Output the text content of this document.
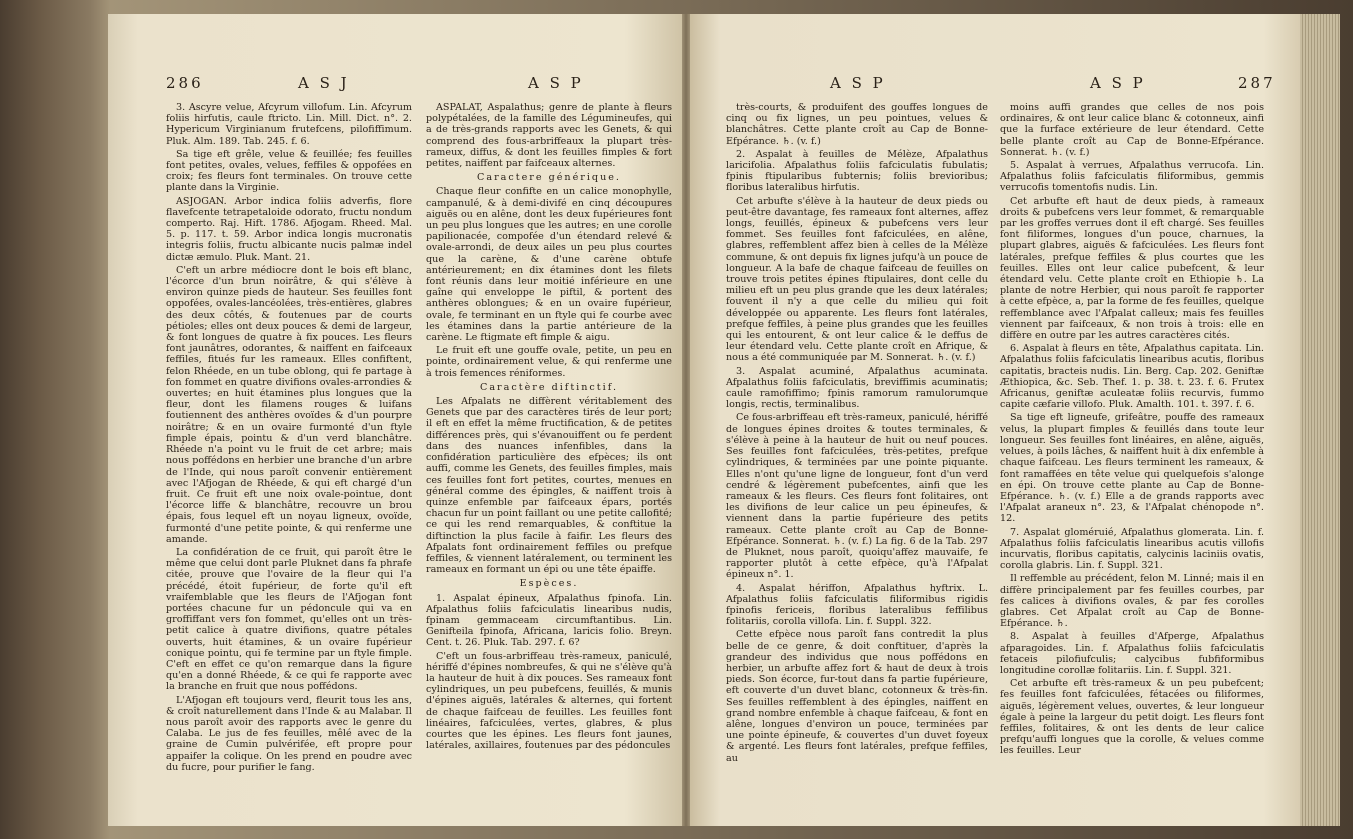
286	A S J	A S P

3. Ascyre velue, Afcyrum villofum. Lin. Afcyrum foliis hirfutis, caule ftricto. Lin. Mill. Dict. n°. 2. Hypericum Virginianum frutefcens, pilofiffimum. Pluk. Alm. 189. Tab. 245. f. 6.

Sa tige eft grêle, velue & feuillée; fes feuilles font petites, ovales, velues, feffiles & oppofées en croix; fes fleurs font terminales. On trouve cette plante dans la Virginie.

ASJOGAN. Arbor indica foliis adverfis, flore flavefcente tetrapetaloide odorato, fructu nondum comperto. Raj. Hift. 1786. Afjogam. Rheed. Mal. 5. p. 117. t. 59. Arbor indica longis mucronatis integris foliis, fructu albicante nucis palmæ indel dictæ æmulo. Pluk. Mant. 21.

C'eft un arbre médiocre dont le bois eft blanc, l'écorce d'un brun noirâtre, & qui s'élève à environ quinze pieds de hauteur. Ses feuilles font oppofées, ovales-lancéolées, très-entières, glabres des deux côtés, & foutenues par de courts pétioles; elles ont deux pouces & demi de largeur, & font longues de quatre à fix pouces. Les fleurs font jaunâtres, odorantes, & naiffent en faifceaux feffiles, fitués fur les rameaux. Elles confiftent, felon Rhéede, en un tube oblong, qui fe partage à fon fommet en quatre divifions ovales-arrondies & ouvertes; en huit étamines plus longues que la fleur, dont les filamens rouges & luifans foutiennent des anthères ovoïdes & d'un pourpre noirâtre; & en un ovaire furmonté d'un ftyle fimple épais, pointu & d'un verd blanchâtre. Rhéede n'a point vu le fruit de cet arbre; mais nous poffédons en herbier une branche d'un arbre de l'Inde, qui nous paroît convenir entièrement avec l'Afjogan de Rhéede, & qui eft chargé d'un fruit. Ce fruit eft une noix ovale-pointue, dont l'écorce liffe & blanchâtre, recouvre un brou épais, fous lequel eft un noyau ligneux, ovoïde, furmonté d'une petite pointe, & qui renferme une amande.

La confidération de ce fruit, qui paroît être le même que celui dont parle Pluknet dans fa phrafe citée, prouve que l'ovaire de la fleur qui l'a précédé, étoit fupérieur, de forte qu'il eft vraifemblable que les fleurs de l'Afjogan font portées chacune fur un pédoncule qui va en groffiffant vers fon fommet, qu'elles ont un très-petit calice à quatre divifions, quatre pétales ouverts, huit étamines, & un ovaire fupérieur conique pointu, qui fe termine par un ftyle fimple. C'eft en effet ce qu'on remarque dans la figure qu'en a donné Rhéede, & ce qui fe rapporte avec la branche en fruit que nous poffédons.

L'Afjogan eft toujours verd, fleurit tous les ans, & croît naturellement dans l'Inde & au Malabar. Il nous paroît avoir des rapports avec le genre du Calaba. Le jus de fes feuilles, mêlé avec de la graine de Cumin pulvérifée, eft propre pour appaifer la colique. On les prend en poudre avec du fucre, pour purifier le fang.

ASPALAT, Aspalathus; genre de plante à fleurs polypétalées, de la famille des Légumineufes, qui a de très-grands rapports avec les Genets, & qui comprend des fous-arbriffeaux la plupart très-rameux, diffus, & dont les feuilles fimples & fort petites, naiffent par faifceaux alternes.

Caractere générique.

Chaque fleur confifte en un calice monophylle, campanulé, & à demi-divifé en cinq découpures aiguës ou en alêne, dont les deux fupérieures font un peu plus longues que les autres; en une corolle papilionacée, compofée d'un étendard relevé & ovale-arrondi, de deux ailes un peu plus courtes que la carène, & d'une carène obtufe antérieurement; en dix étamines dont les filets font réunis dans leur moitié inférieure en une gaîne qui enveloppe le piftil, & portent des anthères oblongues; & en un ovaire fupérieur, ovale, fe terminant en un ftyle qui fe courbe avec les étamines dans la partie antérieure de la carène. Le ftigmate eft fimple & aigu.

Le fruit eft une gouffe ovale, petite, un peu en pointe, ordinairement velue, & qui renferme une à trois femences réniformes.

Caractère diftinctif.

Les Afpalats ne diffèrent véritablement des Genets que par des caractères tirés de leur port; il eft en effet la même fructification, & de petites différences près, qui s'évanouiffent ou fe perdent dans des nuances infenfibles, dans la confidération particulière des efpèces; ils ont auffi, comme les Genets, des feuilles fimples, mais ces feuilles font fort petites, courtes, menues en général comme des épingles, & naiffent trois à quinze enfemble par faifceaux épars, portés chacun fur un point faillant ou une petite callofité; ce qui les rend remarquables, & conftitue la diftinction la plus facile à faifir. Les fleurs des Afpalats font ordinairement feffiles ou prefque feffiles, & viennent latéralement, ou terminent les rameaux en formant un épi ou une tête épaiffe.

Espèces.

1. Aspalat épineux, Afpalathus fpinofa. Lin. Afpalathus foliis fafciculatis linearibus nudis, fpinam gemmaceam circumftantibus. Lin. Genifteila fpinofa, Africana, laricis folio. Breyn. Cent. t. 26. Pluk. Tab. 297. f. 6?

C'eft un fous-arbriffeau très-rameux, paniculé, hériffé d'épines nombreufes, & qui ne s'élève qu'à la hauteur de huit à dix pouces. Ses rameaux font cylindriques, un peu pubefcens, feuillés, & munis d'épines aiguës, latérales & alternes, qui fortent de chaque faifceau de feuilles. Les feuilles font linéaires, fafciculées, vertes, glabres, & plus courtes que les épines. Les fleurs font jaunes, latérales, axillaires, foutenues par des pédoncules

A S P	A S P	287

très-courts, & produifent des gouffes longues de cinq ou fix lignes, un peu pointues, velues & blanchâtres. Cette plante croît au Cap de Bonne-Efpérance. ♄. (v. f.)

2. Aspalat à feuilles de Mélèze, Afpalathus laricifolia. Afpalathus foliis fafciculatis fubulatis; fpinis ftipularibus fubternis; foliis brevioribus; floribus lateralibus hirfutis.

Cet arbufte s'élève à la hauteur de deux pieds ou peut-être davantage, fes rameaux font alternes, affez longs, feuillés, épineux & pubefcens vers leur fommet. Ses feuilles font fafciculées, en alêne, glabres, reffemblent affez bien à celles de la Mélèze commune, & ont depuis fix lignes jufqu'à un pouce de longueur. A la bafe de chaque faifceau de feuilles on trouve trois petites épines ftipulaires, dont celle du milieu eft un peu plus grande que les deux latérales; fouvent il n'y a que celle du milieu qui foit développée ou apparente. Les fleurs font latérales, prefque feffiles, à peine plus grandes que les feuilles qui les entourent, & ont leur calice & le deffus de leur étendard velu. Cette plante croît en Afrique, & nous a été communiquée par M. Sonnerat. ♄. (v. f.)

3. Aspalat acuminé, Afpalathus acuminata. Afpalathus foliis fafciculatis, breviffimis acuminatis; caule ramofiffimo; fpinis ramorum ramulorumque longis, rectis, terminalibus.

Ce fous-arbriffeau eft très-rameux, paniculé, hériffé de longues épines droites & toutes terminales, & s'élève à peine à la hauteur de huit ou neuf pouces. Ses feuilles font fafciculées, très-petites, prefque cylindriques, & terminées par une pointe piquante. Elles n'ont qu'une ligne de longueur, font d'un verd cendré & légèrement pubefcentes, ainfi que les rameaux & les fleurs. Ces fleurs font folitaires, ont les divifions de leur calice un peu épineufes, & viennent dans la partie fupérieure des petits rameaux. Cette plante croît au Cap de Bonne-Efpérance. Sonnerat. ♄. (v. f.) La fig. 6 de la Tab. 297 de Pluknet, nous paroît, quoiqu'affez mauvaife, fe rapporter plutôt à cette efpèce, qu'à l'Afpalat épineux n°. 1.

4. Aspalat hériffon, Afpalathus hyftrix. L. Afpalathus foliis fafciculatis filiformibus rigidis fpinofis fericeis, floribus lateralibus feffilibus folitariis, corolla villofa. Lin. f. Suppl. 322.

Cette efpèce nous paroît fans contredit la plus belle de ce genre, & doit conftituer, d'après la grandeur des individus que nous poffédons en herbier, un arbufte affez fort & haut de deux à trois pieds. Son écorce, fur-tout dans fa partie fupérieure, eft couverte d'un duvet blanc, cotonneux & très-fin. Ses feuilles reffemblent à des épingles, naiffent en grand nombre enfemble à chaque faifceau, & font en alêne, longues d'environ un pouce, terminées par une pointe épineufe, & couvertes d'un duvet foyeux & argenté. Les fleurs font latérales, prefque feffiles, au

moins auffi grandes que celles de nos pois ordinaires, & ont leur calice blanc & cotonneux, ainfi que la furface extérieure de leur étendard. Cette belle plante croît au Cap de Bonne-Efpérance. Sonnerat. ♄. (v. f.)

5. Aspalat à verrues, Afpalathus verrucofa. Lin. Afpalathus foliis fafciculatis filiformibus, gemmis verrucofis tomentofis nudis. Lin.

Cet arbufte eft haut de deux pieds, à rameaux droits & pubefcens vers leur fommet, & remarquable par les groffes verrues dont il eft chargé. Ses feuilles font filiformes, longues d'un pouce, charnues, la plupart glabres, aiguës & fafciculées. Les fleurs font latérales, prefque feffiles & plus courtes que les feuilles. Elles ont leur calice pubefcent, & leur étendard velu. Cette plante croît en Ethiopie ♄. La plante de notre Herbier, qui nous paroît fe rapporter à cette efpèce, a, par la forme de fes feuilles, quelque reffemblance avec l'Afpalat calleux; mais fes feuilles viennent par faifceaux, & non trois à trois: elle en diffère en outre par les autres caractères cités.

6. Aspalat à fleurs en tête, Afpalathus capitata. Lin. Afpalathus foliis fafciculatis linearibus acutis, floribus capitatis, bracteis nudis. Lin. Berg. Cap. 202. Geniftæ Æthiopica, &c. Seb. Thef. 1. p. 38. t. 23. f. 6. Frutex Africanus, geniftæ aculeatæ foliis recurvis, fummo capite cæfarie villofo. Pluk. Amalth. 101. t. 397. f. 6.

Sa tige eft ligneufe, grifeâtre, pouffe des rameaux velus, la plupart fimples & feuillés dans toute leur longueur. Ses feuilles font linéaires, en alêne, aiguës, velues, à poils lâches, & naiffent huit à dix enfemble à chaque faifceau. Les fleurs terminent les rameaux, & font ramaffées en tête velue qui quelquefois s'alonge en épi. On trouve cette plante au Cap de Bonne-Efpérance. ♄. (v. f.) Elle a de grands rapports avec l'Afpalat araneux n°. 23, & l'Afpalat chénopode n°. 12.

7. Aspalat gloméruié, Afpalathus glomerata. Lin. f. Afpalathus foliis fafciculatis linearibus acutis villofis incurvatis, floribus capitatis, calycinis laciniis ovatis, corolla glabris. Lin. f. Suppl. 321.

Il reffemble au précédent, felon M. Linné; mais il en diffère principalement par fes feuilles courbes, par fes calices à divifions ovales, & par fes corolles glabres. Cet Afpalat croît au Cap de Bonne-Efpérance. ♄.

8. Aspalat à feuilles d'Afperge, Afpalathus afparagoides. Lin. f. Afpalathus foliis fafciculatis fetaceis pilofiufculis; calycibus fubfiformibus longitudine corollæ folitariis. Lin. f. Suppl. 321.

Cet arbufte eft très-rameux & un peu pubefcent; fes feuilles font fafciculées, fétacées ou filiformes, aiguës, légèrement velues, ouvertes, & leur longueur égale à peine la largeur du petit doigt. Les fleurs font feffiles, folitaires, & ont les dents de leur calice prefqu'auffi longues que la corolle, & velues comme les feuilles. Leur
